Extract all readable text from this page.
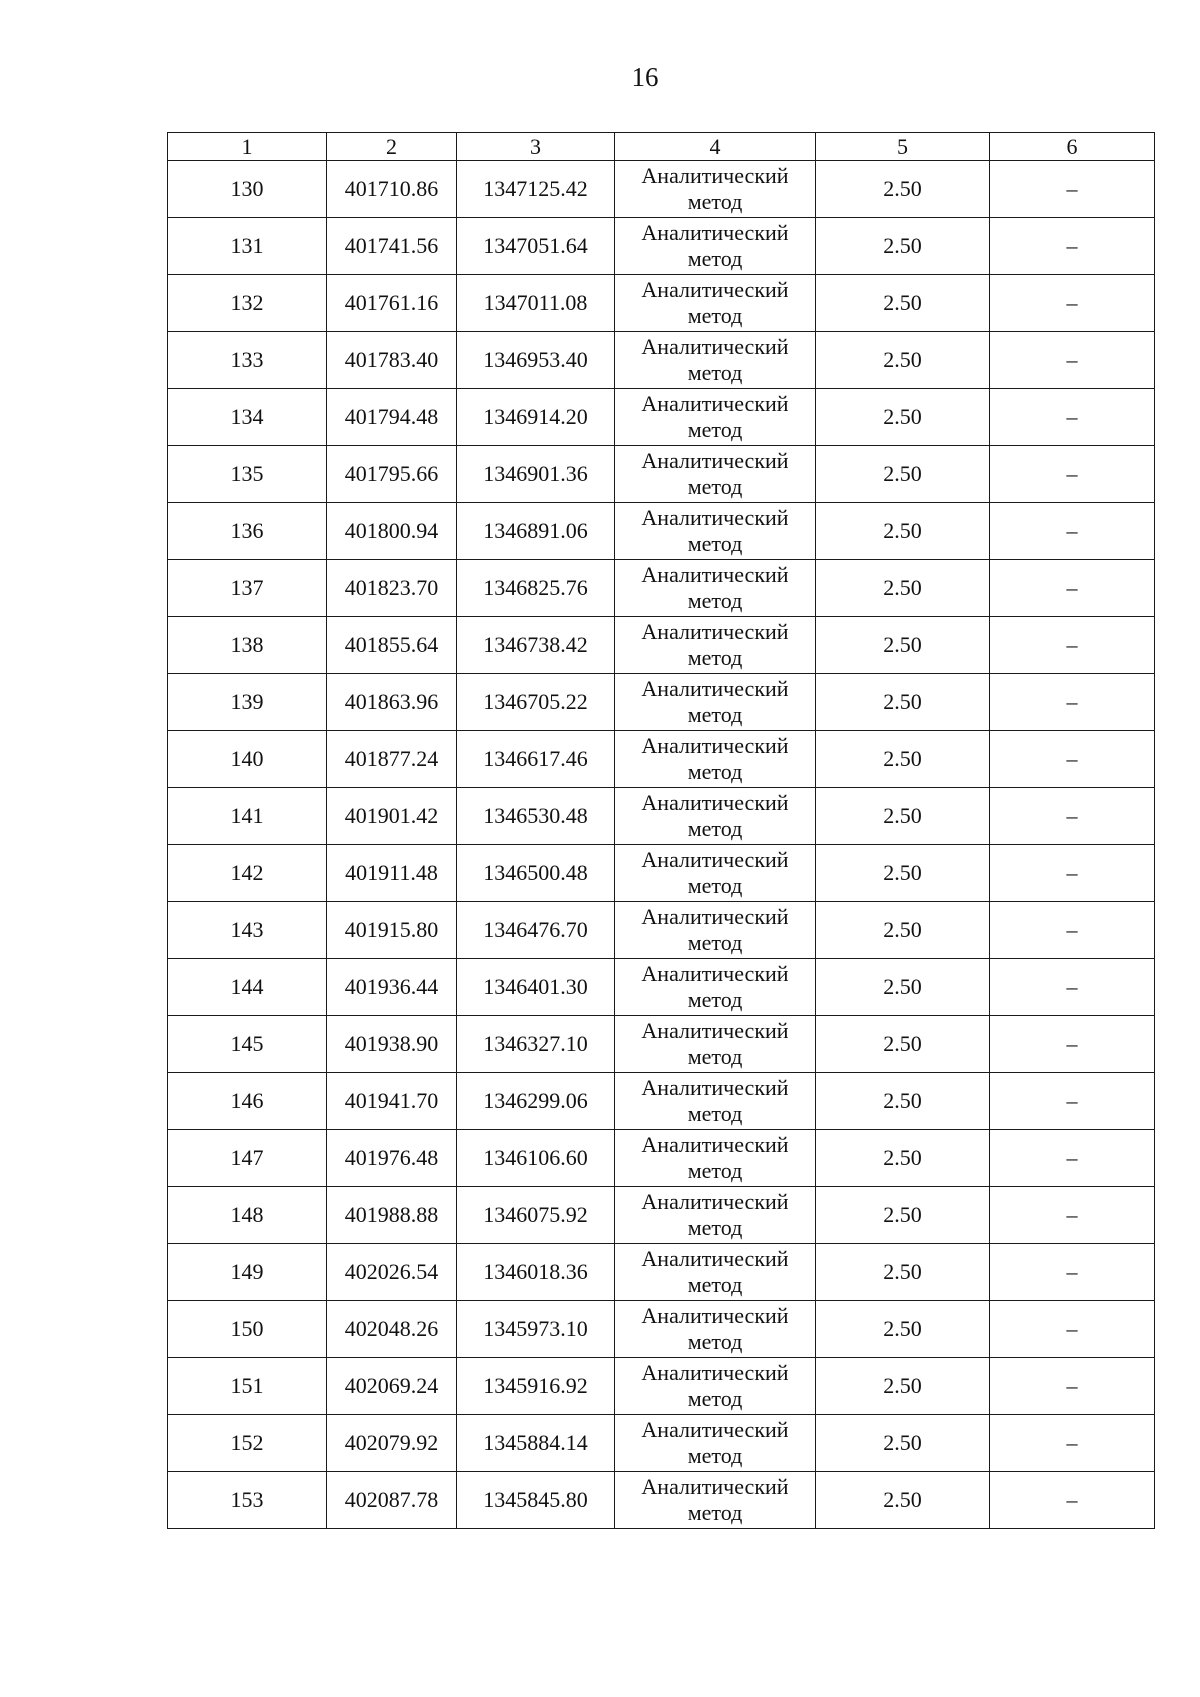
16
1	2	3	4	5	6
130	401710.86	1347125.42	Аналитический метод	2.50	–
131	401741.56	1347051.64	Аналитический метод	2.50	–
132	401761.16	1347011.08	Аналитический метод	2.50	–
133	401783.40	1346953.40	Аналитический метод	2.50	–
134	401794.48	1346914.20	Аналитический метод	2.50	–
135	401795.66	1346901.36	Аналитический метод	2.50	–
136	401800.94	1346891.06	Аналитический метод	2.50	–
137	401823.70	1346825.76	Аналитический метод	2.50	–
138	401855.64	1346738.42	Аналитический метод	2.50	–
139	401863.96	1346705.22	Аналитический метод	2.50	–
140	401877.24	1346617.46	Аналитический метод	2.50	–
141	401901.42	1346530.48	Аналитический метод	2.50	–
142	401911.48	1346500.48	Аналитический метод	2.50	–
143	401915.80	1346476.70	Аналитический метод	2.50	–
144	401936.44	1346401.30	Аналитический метод	2.50	–
145	401938.90	1346327.10	Аналитический метод	2.50	–
146	401941.70	1346299.06	Аналитический метод	2.50	–
147	401976.48	1346106.60	Аналитический метод	2.50	–
148	401988.88	1346075.92	Аналитический метод	2.50	–
149	402026.54	1346018.36	Аналитический метод	2.50	–
150	402048.26	1345973.10	Аналитический метод	2.50	–
151	402069.24	1345916.92	Аналитический метод	2.50	–
152	402079.92	1345884.14	Аналитический метод	2.50	–
153	402087.78	1345845.80	Аналитический метод	2.50	–
